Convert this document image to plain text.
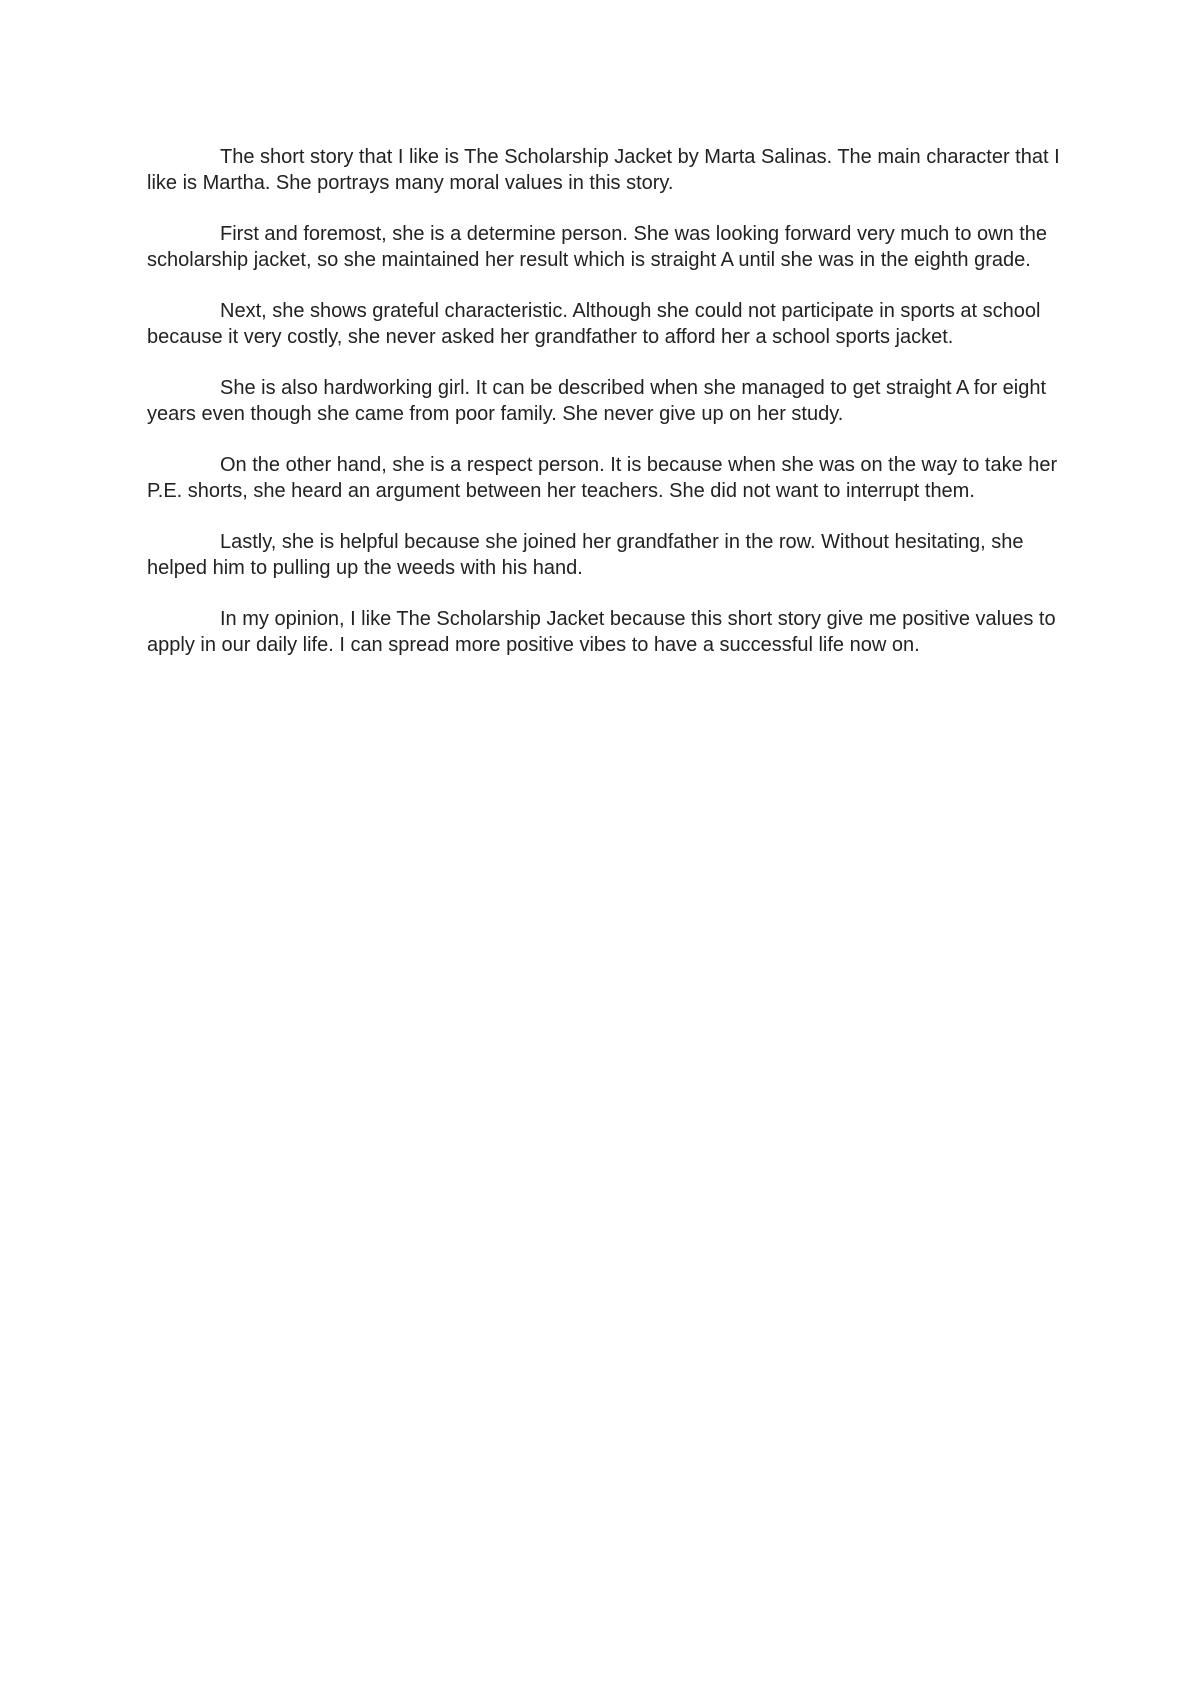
The short story that I like is The Scholarship Jacket by Marta Salinas. The main character that I like is Martha. She portrays many moral values in this story.

First and foremost, she is a determine person. She was looking forward very much to own the scholarship jacket, so she maintained her result which is straight A until she was in the eighth grade.

Next, she shows grateful characteristic. Although she could not participate in sports at school because it very costly, she never asked her grandfather to afford her a school sports jacket.

She is also hardworking girl. It can be described when she managed to get straight A for eight years even though she came from poor family. She never give up on her study.

On the other hand, she is a respect person. It is because when she was on the way to take her P.E. shorts, she heard an argument between her teachers. She did not want to interrupt them.

Lastly, she is helpful because she joined her grandfather in the row. Without hesitating, she helped him to pulling up the weeds with his hand.

In my opinion, I like The Scholarship Jacket because this short story give me positive values to apply in our daily life. I can spread more positive vibes to have a successful life now on.
